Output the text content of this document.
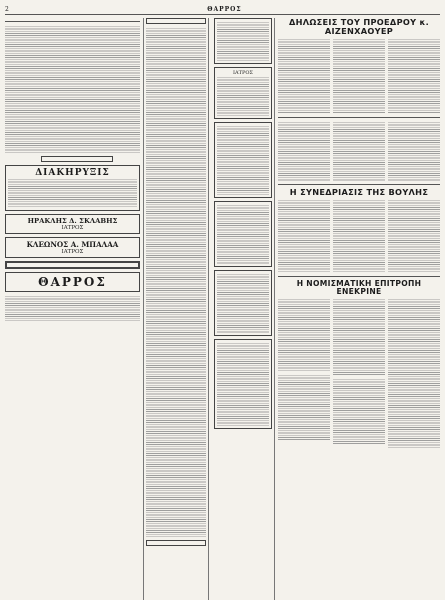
2	ΘΑΡΡΟΣ
ΔΙΑΚΗΡΥΞΙΣ
ΗΡΑΚΛΗΣ Δ. ΣΚΛΑΒΗΣ
ΙΑΤΡΟΣ
ΚΛΕΩΝΟΣ Α. ΜΠΑΛΑΑ
ΙΑΤΡΟΣ
ΘΑΡΡΟΣ
ΙΑΤΡΟΣ
ΔΗΛΩΣΕΙΣ ΤΟΥ ΠΡΟΕΔΡΟΥ κ. ΑΙΖΕΝΧΑΟΥΕΡ
Η ΣΥΝΕΔΡΙΑΣΙΣ ΤΗΣ ΒΟΥΛΗΣ
Η ΝΟΜΙΣΜΑΤΙΚΗ ΕΠΙΤΡΟΠΗ ΕΝΕΚΡΙΝΕ
